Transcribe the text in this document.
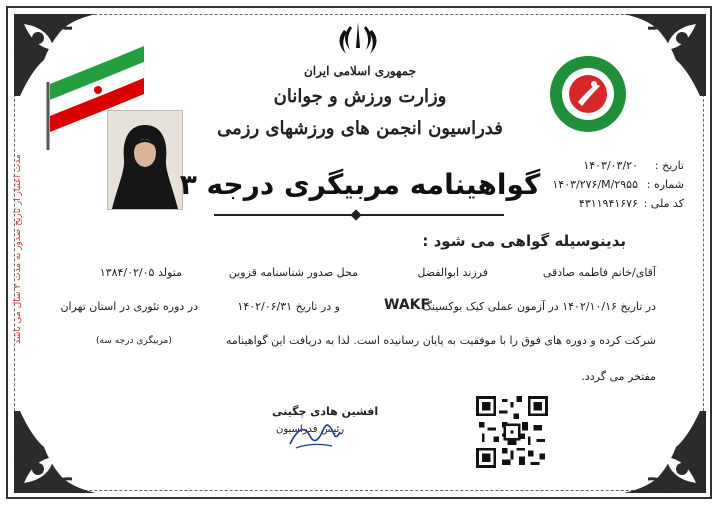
جمهوری اسلامی ایران
وزارت ورزش و جوانان
فدراسیون انجمن های ورزشهای رزمی
تاریخ :
۱۴۰۳/۰۳/۲۰
شماره :
۱۴۰۳/۲۷۶/M/۲۹۵۵
کد ملی :
۴۳۱۱۹۴۱۶۷۶
گواهینامه مربیگری درجه ۳
بدینوسیله گواهی می شود :
آقای/خانم فاطمه صادقی
فرزند ابوالفضل
محل صدور شناسنامه قزوین
متولد ۱۳۸۴/۰۲/۰۵
در تاریخ ۱۴۰۲/۱۰/۱۶ در آزمون عملی کیک بوکسینگ
WAKF
و در تاریخ ۱۴۰۲/۰۶/۳۱
در دوره تئوری در استان تهران
شرکت کرده و دوره های فوق را با موفقیت به پایان رسانیده است. لذا به دریافت این گواهینامه
(مربیگری درجه سه)
مفتخر می گردد.
افشین هادی چگینی
رئیس فدراسیون
مدت اعتبار از تاریخ صدور به مدت ۲ سال می باشد
